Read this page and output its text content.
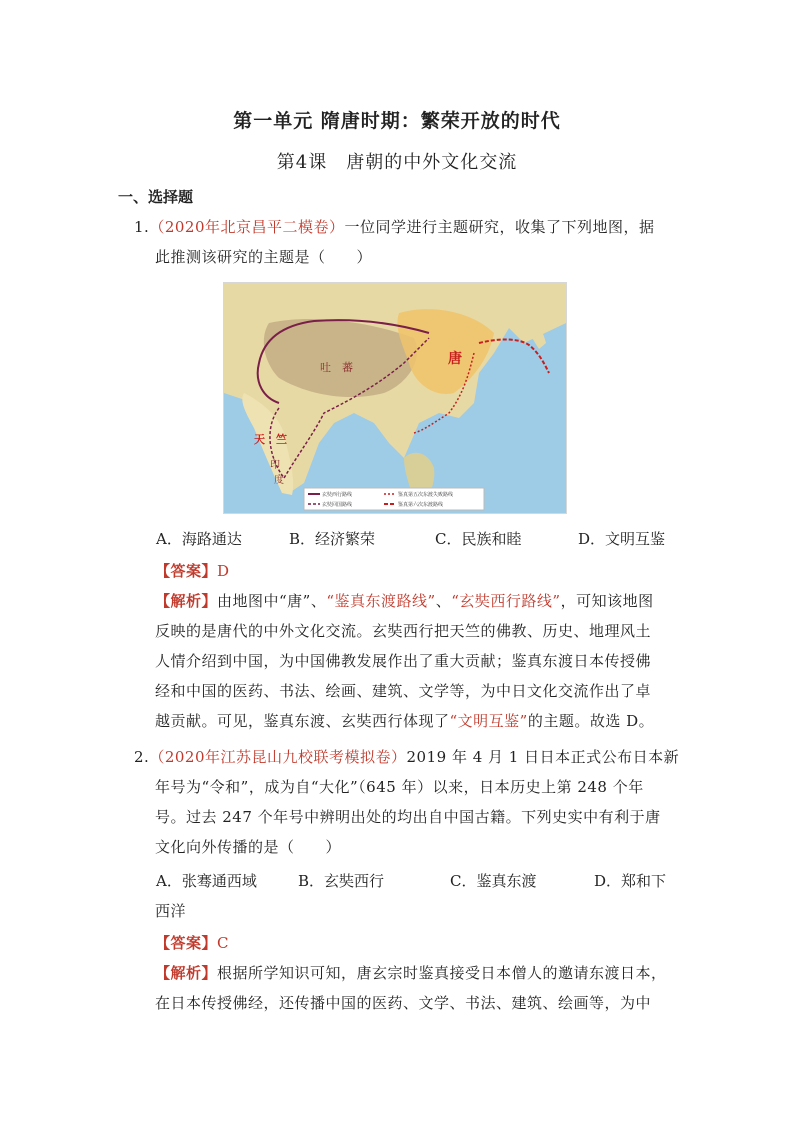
第一单元 隋唐时期：繁荣开放的时代
第4课　唐朝的中外文化交流
一、选择题
1.（2020年北京昌平二模卷）一位同学进行主题研究，收集了下列地图，据
此推测该研究的主题是（　　）
唐
天　竺
吐　蕃
印
度
玄奘西行路线
玄奘回国路线
鉴真第五次东渡失败路线
鉴真第六次东渡路线
A．海路通达	B．经济繁荣	C．民族和睦	D．文明互鉴
【答案】D
【解析】由地图中“唐”、“鉴真东渡路线”、“玄奘西行路线”，可知该地图
反映的是唐代的中外文化交流。玄奘西行把天竺的佛教、历史、地理风土
人情介绍到中国，为中国佛教发展作出了重大贡献；鉴真东渡日本传授佛
经和中国的医药、书法、绘画、建筑、文学等，为中日文化交流作出了卓
越贡献。可见，鉴真东渡、玄奘西行体现了“文明互鉴”的主题。故选 D。
2.（2020年江苏昆山九校联考模拟卷）2019 年 4 月 1 日日本正式公布日本新
年号为“令和”，成为自“大化”（645 年）以来，日本历史上第 248 个年
号。过去 247 个年号中辨明出处的均出自中国古籍。下列史实中有利于唐
文化向外传播的是（　　）
A．张骞通西域	B．玄奘西行	C．鉴真东渡	D．郑和下
西洋
【答案】C
【解析】根据所学知识可知，唐玄宗时鉴真接受日本僧人的邀请东渡日本，
在日本传授佛经，还传播中国的医药、文学、书法、建筑、绘画等，为中
